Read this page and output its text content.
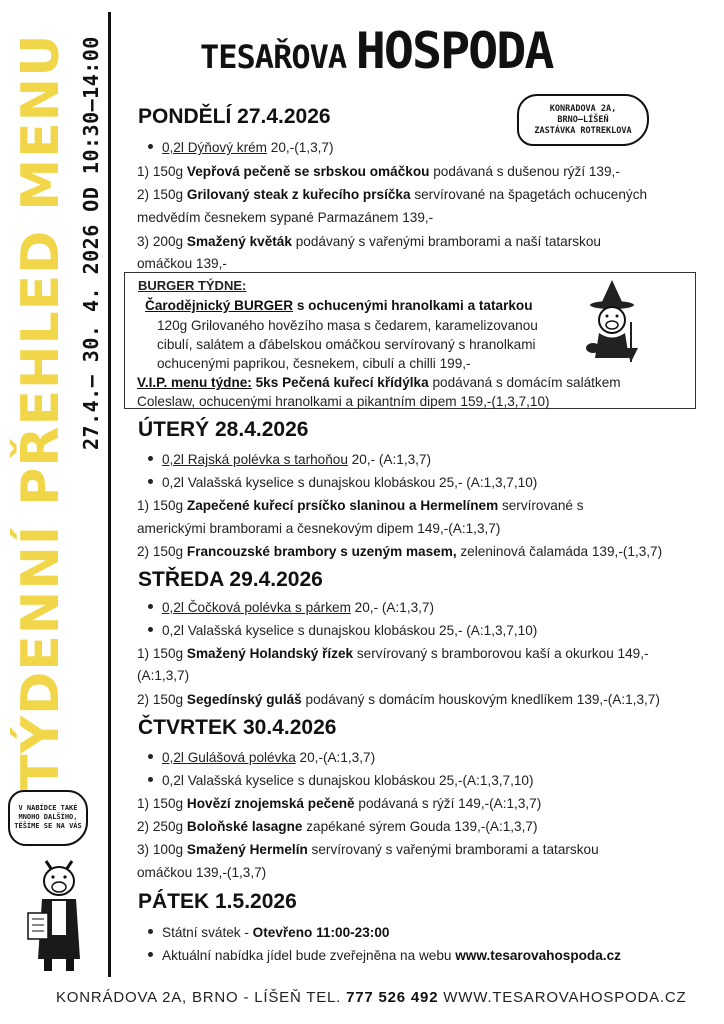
TÝDENNÍ PŘEHLED MENU 27.4.– 30. 4. 2026 OD 10:30–14:00	TESAŘOVA HOSPODA
KONRADOVA 2A,
BRNO–LÍŠEŇ
ZASTÁVKA ROTREKLOVA
PONDĚLÍ 27.4.2026
0,2l Dýňový krém 20,-(1,3,7)
1) 150g Vepřová pečeně se srbskou omáčkou podávaná s dušenou rýží 139,-
2) 150g Grilovaný steak z kuřecího prsíčka servírované na špagetách ochucených
medvědím česnekem sypané Parmazánem 139,-
3) 200g Smažený květák podávaný s vařenými bramborami a naší tatarskou
omáčkou 139,-
BURGER TÝDNE:
Čarodějnický BURGER s ochucenými hranolkami a tatarkou
120g Grilovaného hovězího masa s čedarem, karamelizovanou
cibulí, salátem a ďábelskou omáčkou servírovaný s hranolkami
ochucenými paprikou, česnekem, cibulí a chilli 199,-
V.I.P. menu týdne: 5ks Pečená kuřecí křídýlka podávaná s domácím salátkem
Coleslaw, ochucenými hranolkami a pikantním dipem 159,-(1,3,7,10)
ÚTERÝ 28.4.2026
0,2l Rajská polévka s tarhoňou 20,- (A:1,3,7)
0,2l Valašská kyselice s dunajskou klobáskou 25,- (A:1,3,7,10)
1) 150g Zapečené kuřecí prsíčko slaninou a Hermelínem servírované s
americkými bramborami a česnekovým dipem 149,-(A:1,3,7)
2) 150g Francouzské brambory s uzeným masem, zeleninová čalamáda 139,-(1,3,7)
STŘEDA 29.4.2026
0,2l Čočková polévka s párkem 20,- (A:1,3,7)
0,2l Valašská kyselice s dunajskou klobáskou 25,- (A:1,3,7,10)
1) 150g Smažený Holandský řízek servírovaný s bramborovou kaší a okurkou 149,-
(A:1,3,7)
2) 150g Segedínský guláš podávaný s domácím houskovým knedlíkem 139,-(A:1,3,7)
ČTVRTEK 30.4.2026
0,2l Gulášová polévka 20,-(A:1,3,7)
0,2l Valašská kyselice s dunajskou klobáskou 25,-(A:1,3,7,10)
1) 150g Hovězí znojemská pečeně podávaná s rýží 149,-(A:1,3,7)
2) 250g Boloňské lasagne zapékané sýrem Gouda 139,-(A:1,3,7)
3) 100g Smažený Hermelín servírovaný s vařenými bramborami a tatarskou
omáčkou 139,-(1,3,7)
PÁTEK 1.5.2026
Státní svátek - Otevřeno 11:00-23:00
Aktuální nabídka jídel bude zveřejněna na webu www.tesarovahospoda.cz
V NABÍDCE TAKÉ
MNOHO DALŠÍHO,
TĚŠÍME SE NA VÁS
KONRÁDOVA 2A, BRNO - LÍŠEŇ TEL. 777 526 492 WWW.TESAROVAHOSPODA.CZ
